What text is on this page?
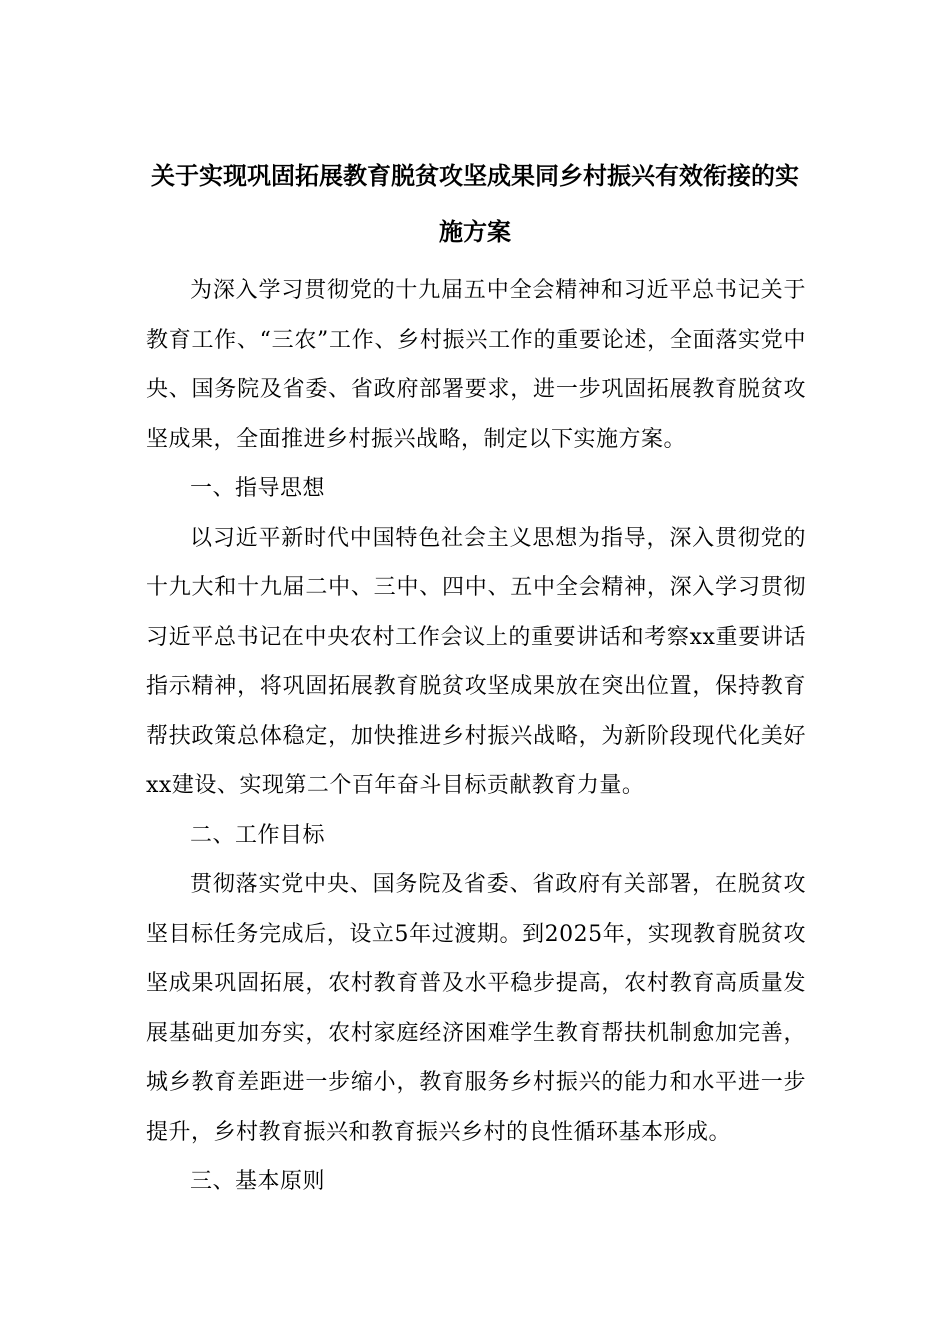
关于实现巩固拓展教育脱贫攻坚成果同乡村振兴有效衔接的实施方案

为深入学习贯彻党的十九届五中全会精神和习近平总书记关于教育工作、“三农”工作、乡村振兴工作的重要论述，全面落实党中央、国务院及省委、省政府部署要求，进一步巩固拓展教育脱贫攻坚成果，全面推进乡村振兴战略，制定以下实施方案。

一、指导思想

以习近平新时代中国特色社会主义思想为指导，深入贯彻党的十九大和十九届二中、三中、四中、五中全会精神，深入学习贯彻习近平总书记在中央农村工作会议上的重要讲话和考察xx重要讲话指示精神，将巩固拓展教育脱贫攻坚成果放在突出位置，保持教育帮扶政策总体稳定，加快推进乡村振兴战略，为新阶段现代化美好xx建设、实现第二个百年奋斗目标贡献教育力量。

二、工作目标

贯彻落实党中央、国务院及省委、省政府有关部署，在脱贫攻坚目标任务完成后，设立5年过渡期。到2025年，实现教育脱贫攻坚成果巩固拓展，农村教育普及水平稳步提高，农村教育高质量发展基础更加夯实，农村家庭经济困难学生教育帮扶机制愈加完善，城乡教育差距进一步缩小，教育服务乡村振兴的能力和水平进一步提升，乡村教育振兴和教育振兴乡村的良性循环基本形成。

三、基本原则
